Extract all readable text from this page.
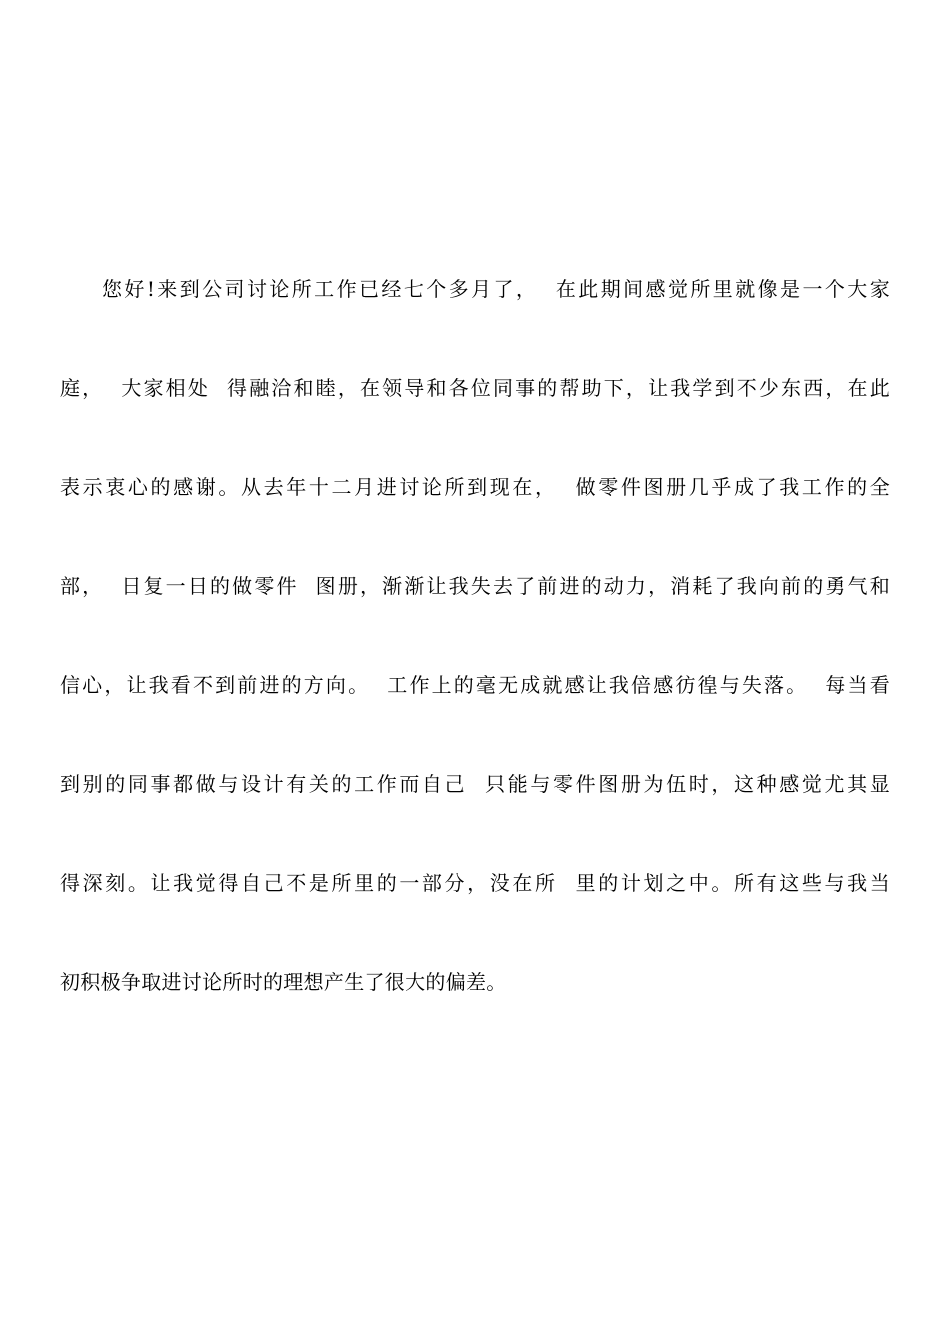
您好!来到公司讨论所工作已经七个多月了，  在此期间感觉所里就像是一个大家
庭，  大家相处  得融洽和睦，在领导和各位同事的帮助下，让我学到不少东西，在此
表示衷心的感谢。从去年十二月进讨论所到现在，  做零件图册几乎成了我工作的全
部，  日复一日的做零件  图册，渐渐让我失去了前进的动力，消耗了我向前的勇气和
信心，让我看不到前进的方向。  工作上的毫无成就感让我倍感彷徨与失落。  每当看
到别的同事都做与设计有关的工作而自己  只能与零件图册为伍时，这种感觉尤其显
得深刻。让我觉得自己不是所里的一部分，没在所  里的计划之中。所有这些与我当
初积极争取进讨论所时的理想产生了很大的偏差。
